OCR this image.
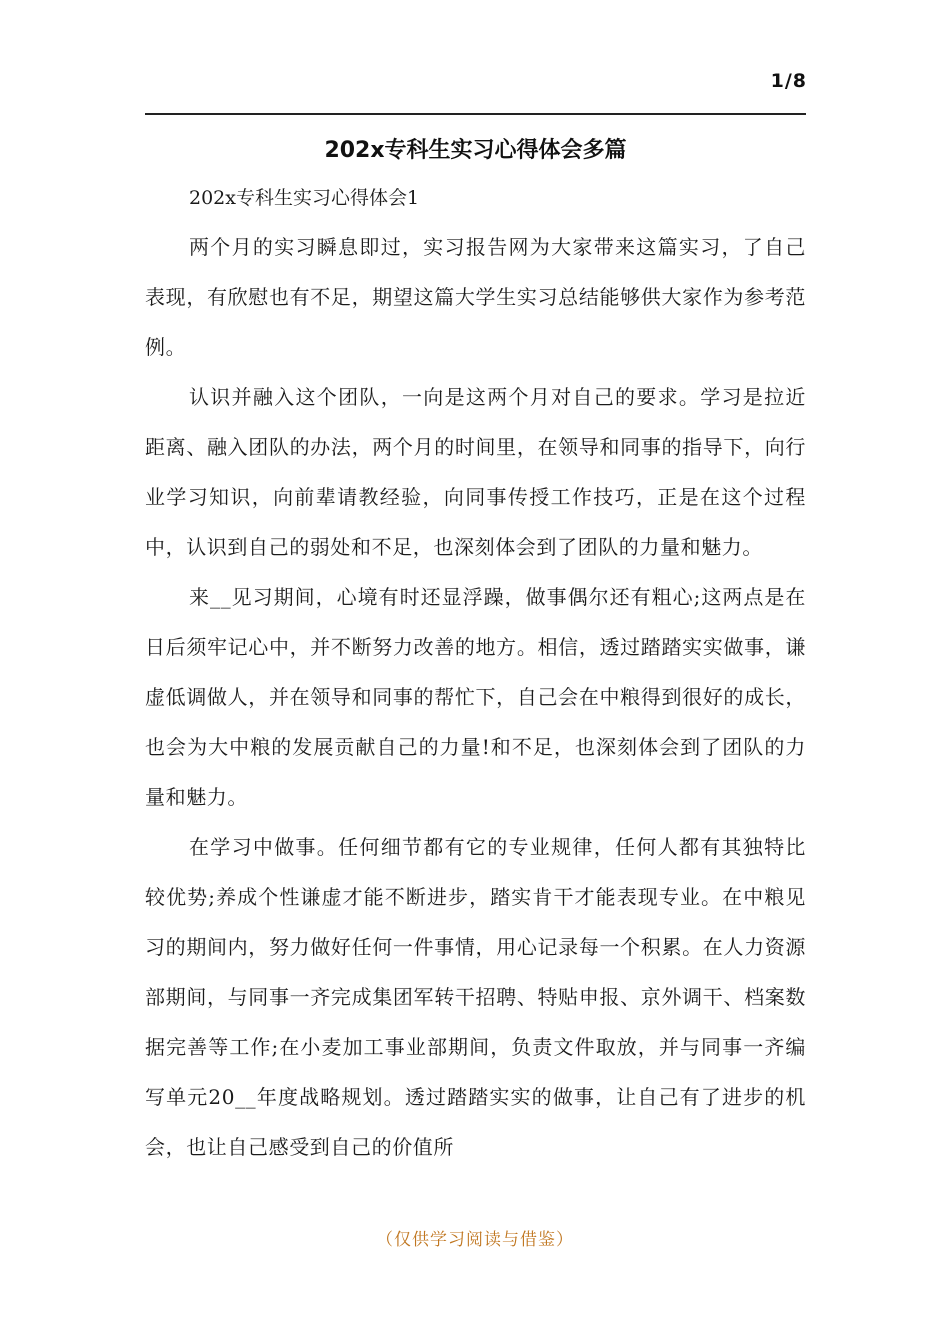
1/8
202x专科生实习心得体会多篇

202x专科生实习心得体会1

两个月的实习瞬息即过，实习报告网为大家带来这篇实习，了自己表现，有欣慰也有不足，期望这篇大学生实习总结能够供大家作为参考范例。

认识并融入这个团队，一向是这两个月对自己的要求。学习是拉近距离、融入团队的办法，两个月的时间里，在领导和同事的指导下，向行业学习知识，向前辈请教经验，向同事传授工作技巧，正是在这个过程中，认识到自己的弱处和不足，也深刻体会到了团队的力量和魅力。

来__见习期间，心境有时还显浮躁，做事偶尔还有粗心;这两点是在日后须牢记心中，并不断努力改善的地方。相信，透过踏踏实实做事，谦虚低调做人，并在领导和同事的帮忙下，自己会在中粮得到很好的成长，也会为大中粮的发展贡献自己的力量!和不足，也深刻体会到了团队的力量和魅力。

在学习中做事。任何细节都有它的专业规律，任何人都有其独特比较优势;养成个性谦虚才能不断进步，踏实肯干才能表现专业。在中粮见习的期间内，努力做好任何一件事情，用心记录每一个积累。在人力资源部期间，与同事一齐完成集团军转干招聘、特贴申报、京外调干、档案数据完善等工作;在小麦加工事业部期间，负责文件取放，并与同事一齐编写单元20__年度战略规划。透过踏踏实实的做事，让自己有了进步的机会，也让自己感受到自己的价值所

（仅供学习阅读与借鉴）
